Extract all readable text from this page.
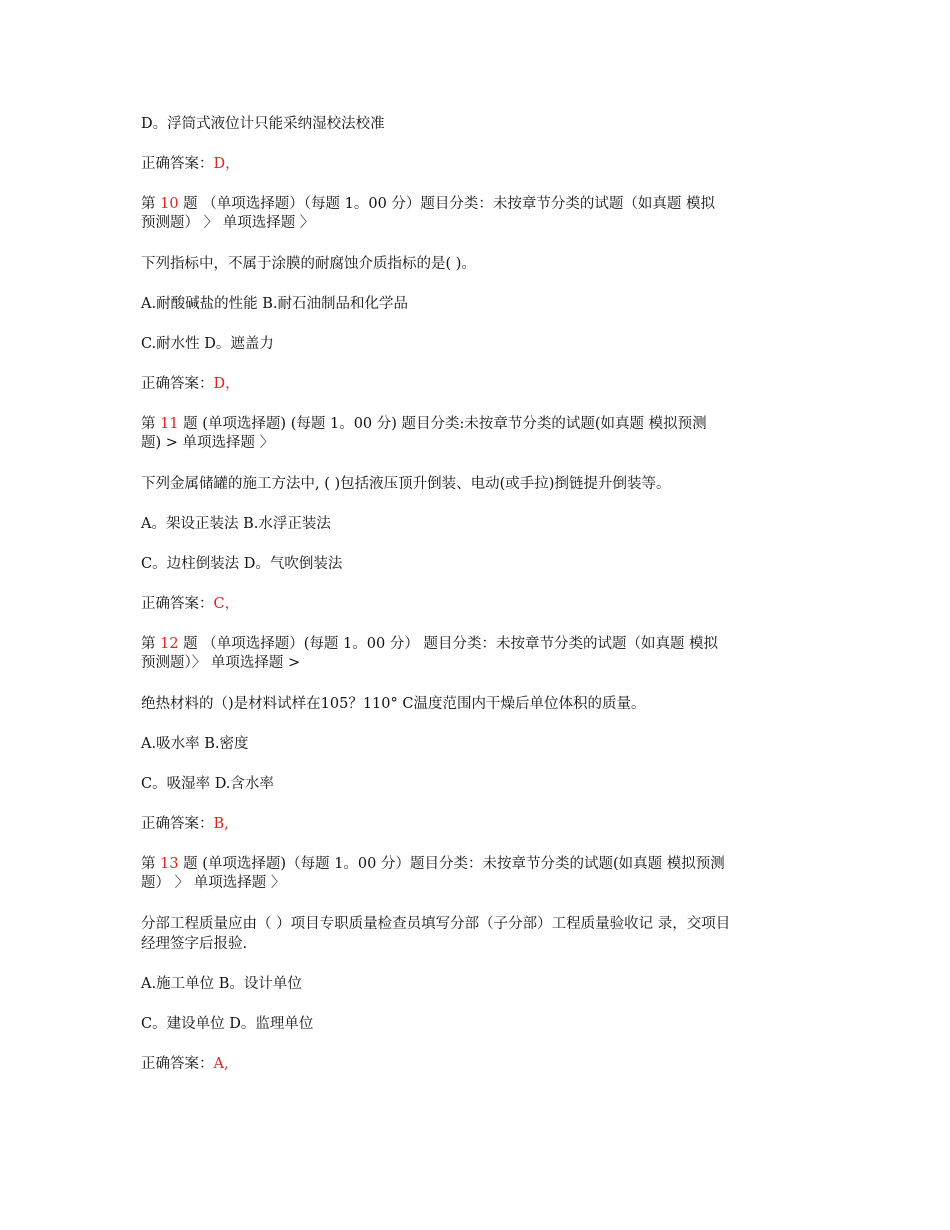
D。浮筒式液位计只能采纳湿校法校准
正确答案：D，
第 10 题 （单项选择题）（每题 1。00 分）题目分类：未按章节分类的试题（如真题 模拟
预测题） 〉 单项选择题 〉
下列指标中，不属于涂膜的耐腐蚀介质指标的是( )。
A.耐酸碱盐的性能 B.耐石油制品和化学品
C.耐水性 D。遮盖力
正确答案：D，
第 11 题 (单项选择题) (每题 1。00 分) 题目分类:未按章节分类的试题(如真题 模拟预测
题) > 单项选择题 〉
下列金属储罐的施工方法中, ( )包括液压顶升倒装、电动(或手拉)捯链提升倒装等。
A。架设正装法 B.水浮正装法
C。边柱倒装法 D。气吹倒装法
正确答案：C，
第 12 题 （单项选择题）(每题 1。00 分） 题目分类：未按章节分类的试题（如真题 模拟
预测题）〉 单项选择题 >
绝热材料的（)是材料试样在105？110° C温度范围内干燥后单位体积的质量。
A.吸水率 B.密度
C。吸湿率 D.含水率
正确答案：B,
第 13 题 (单项选择题)（每题 1。00 分）题目分类：未按章节分类的试题(如真题 模拟预测
题） 〉 单项选择题 〉
分部工程质量应由（ ）项目专职质量检查员填写分部（子分部）工程质量验收记 录，交项目
经理签字后报验.
A.施工单位 B。设计单位
C。建设单位 D。监理单位
正确答案：A,
